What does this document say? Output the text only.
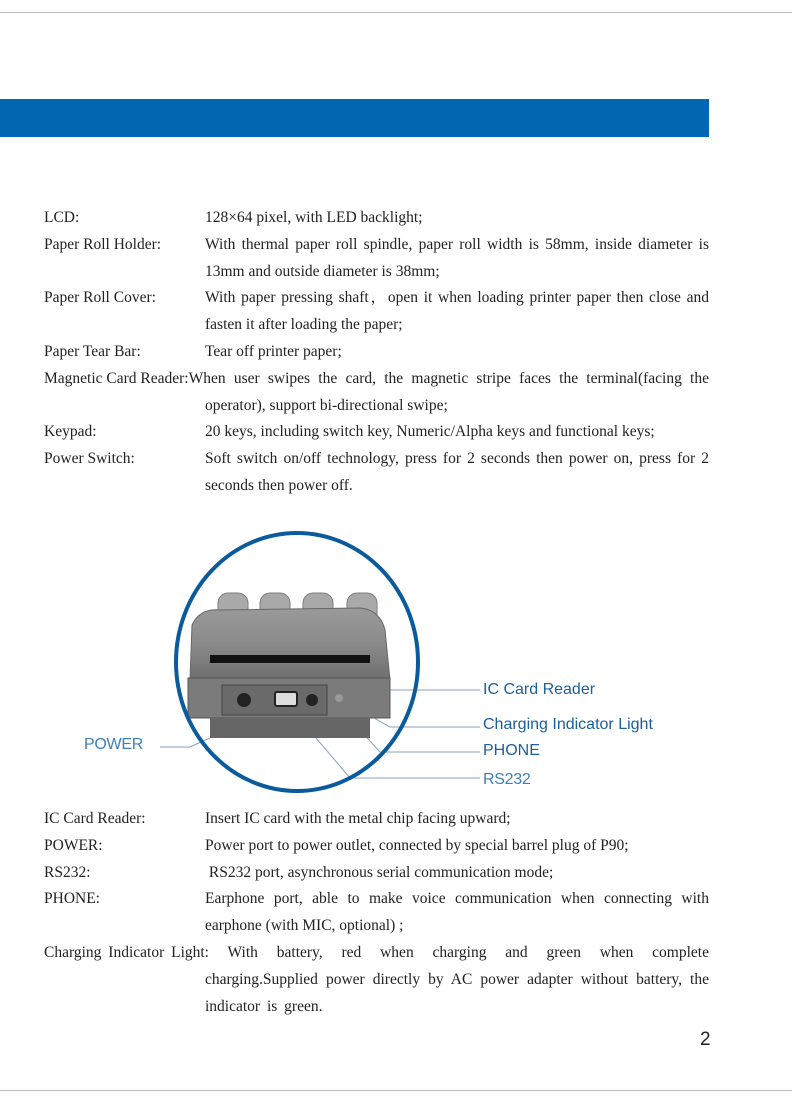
LCD:	128×64 pixel, with LED backlight;
Paper Roll Holder:	With thermal paper roll spindle, paper roll width is 58mm, inside diameter is 13mm and outside diameter is 38mm;
Paper Roll Cover:	With paper pressing shaft，open it when loading printer paper then close and fasten it after loading the paper;
Paper Tear Bar:	Tear off printer paper;
Magnetic Card Reader:When user swipes the card, the magnetic stripe faces the terminal(facing the operator), support bi-directional swipe;
Keypad:	20 keys, including switch key, Numeric/Alpha keys and functional keys;
Power Switch:	Soft switch on/off technology, press for 2 seconds then power on, press for 2 seconds then power off.
IC Card Reader
Charging Indicator Light
PHONE
RS232
POWER
IC Card Reader:	Insert IC card with the metal chip facing upward;
POWER:	Power port to power outlet, connected by special barrel plug of P90;
RS232:	RS232 port, asynchronous serial communication mode;
PHONE:	Earphone port, able to make voice communication when connecting with earphone (with MIC, optional) ;
Charging Indicator Light: With battery, red when charging and green when complete charging.Supplied power directly by AC power adapter without battery, the indicator is green.
2
